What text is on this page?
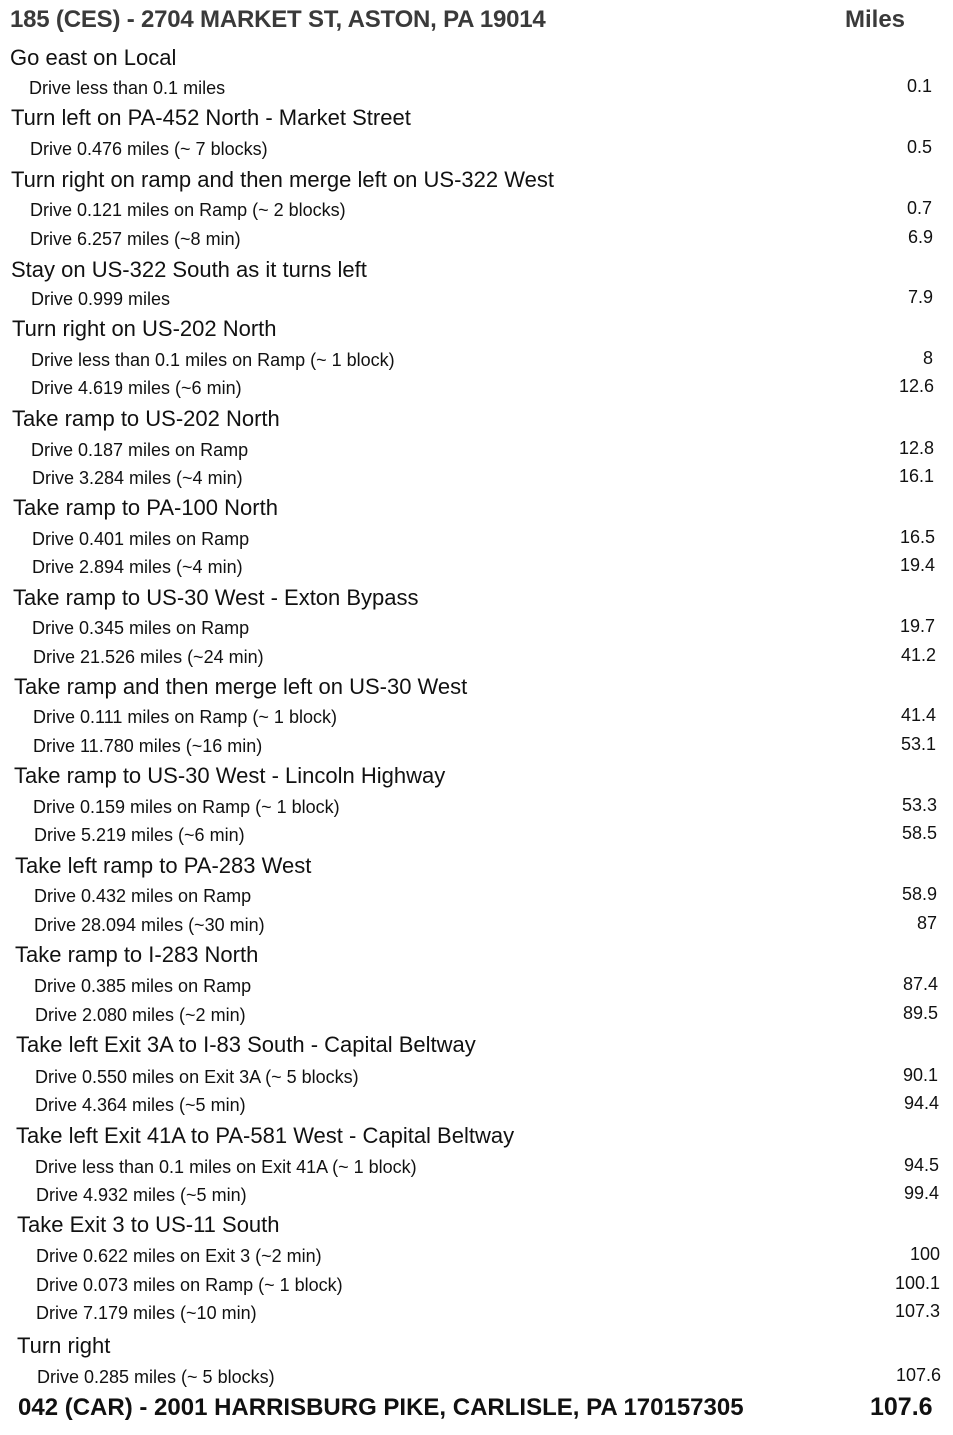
185 (CES) - 2704 MARKET ST, ASTON, PA 19014	Miles
Go east on Local
Drive less than 0.1 miles	0.1
Turn left on PA-452 North - Market Street
Drive 0.476 miles (~ 7 blocks)	0.5
Turn right on ramp and then merge left on US-322 West
Drive 0.121 miles on Ramp (~ 2 blocks)	0.7
Drive 6.257 miles (~8 min)	6.9
Stay on US-322 South as it turns left
Drive 0.999 miles	7.9
Turn right on US-202 North
Drive less than 0.1 miles on Ramp (~ 1 block)	8
Drive 4.619 miles (~6 min)	12.6
Take ramp to US-202 North
Drive 0.187 miles on Ramp	12.8
Drive 3.284 miles (~4 min)	16.1
Take ramp to PA-100 North
Drive 0.401 miles on Ramp	16.5
Drive 2.894 miles (~4 min)	19.4
Take ramp to US-30 West - Exton Bypass
Drive 0.345 miles on Ramp	19.7
Drive 21.526 miles (~24 min)	41.2
Take ramp and then merge left on US-30 West
Drive 0.111 miles on Ramp (~ 1 block)	41.4
Drive 11.780 miles (~16 min)	53.1
Take ramp to US-30 West - Lincoln Highway
Drive 0.159 miles on Ramp (~ 1 block)	53.3
Drive 5.219 miles (~6 min)	58.5
Take left ramp to PA-283 West
Drive 0.432 miles on Ramp	58.9
Drive 28.094 miles (~30 min)	87
Take ramp to I-283 North
Drive 0.385 miles on Ramp	87.4
Drive 2.080 miles (~2 min)	89.5
Take left Exit 3A to I-83 South - Capital Beltway
Drive 0.550 miles on Exit 3A (~ 5 blocks)	90.1
Drive 4.364 miles (~5 min)	94.4
Take left Exit 41A to PA-581 West - Capital Beltway
Drive less than 0.1 miles on Exit 41A (~ 1 block)	94.5
Drive 4.932 miles (~5 min)	99.4
Take Exit 3 to US-11 South
Drive 0.622 miles on Exit 3 (~2 min)	100
Drive 0.073 miles on Ramp (~ 1 block)	100.1
Drive 7.179 miles (~10 min)	107.3
Turn right
Drive 0.285 miles (~ 5 blocks)	107.6
042 (CAR) - 2001 HARRISBURG PIKE, CARLISLE, PA 170157305	107.6
